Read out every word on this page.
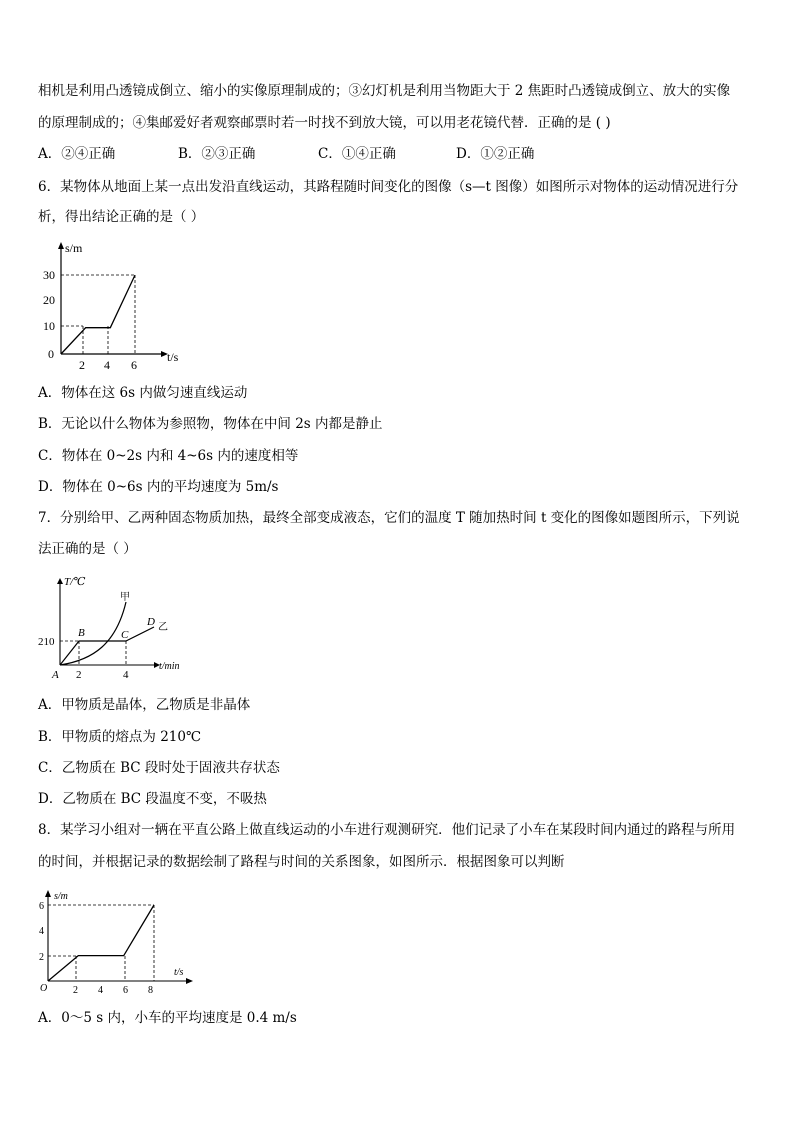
相机是利用凸透镜成倒立、缩小的实像原理制成的；③幻灯机是利用当物距大于 2 焦距时凸透镜成倒立、放大的实像
的原理制成的；④集邮爱好者观察邮票时若一时找不到放大镜，可以用老花镜代替．正确的是 ( )
A．②④正确	B．②③正确	C．①④正确	D．①②正确
6．某物体从地面上某一点出发沿直线运动，其路程随时间变化的图像（s—t 图像）如图所示对物体的运动情况进行分
析，得出结论正确的是（ ）
s/m
t/s
0
10
20
30
2 4 6
A．物体在这 6s 内做匀速直线运动
B．无论以什么物体为参照物，物体在中间 2s 内都是静止
C．物体在 0~2s 内和 4~6s 内的速度相等
D．物体在 0~6s 内的平均速度为 5m/s
7．分别给甲、乙两种固态物质加热，最终全部变成液态，它们的温度 T 随加热时间 t 变化的图像如题图所示，下列说
法正确的是（ ）
T/℃
t/min
210
2	4
A
B	C
D
甲
乙
A．甲物质是晶体，乙物质是非晶体
B．甲物质的熔点为 210℃
C．乙物质在 BC 段时处于固液共存状态
D．乙物质在 BC 段温度不变，不吸热
8．某学习小组对一辆在平直公路上做直线运动的小车进行观测研究．他们记录了小车在某段时间内通过的路程与所用
的时间，并根据记录的数据绘制了路程与时间的关系图象，如图所示．根据图象可以判断
s/m
t/s
O
2
4
6
2 4 6 8
A．0～5 s 内，小车的平均速度是 0.4 m/s
